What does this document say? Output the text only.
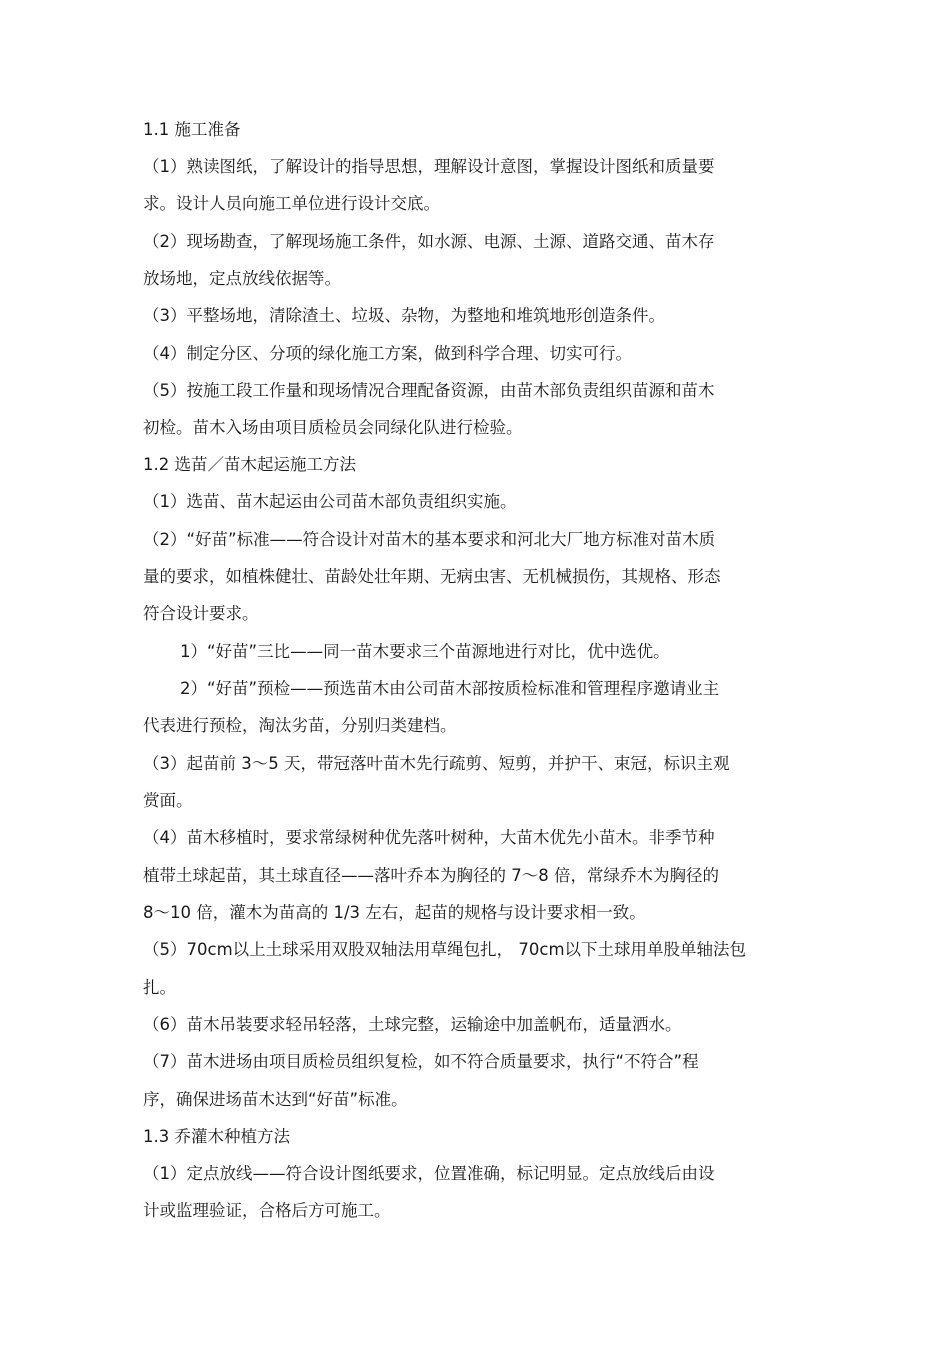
1.1 施工准备
（1）熟读图纸，了解设计的指导思想，理解设计意图，掌握设计图纸和质量要
求。设计人员向施工单位进行设计交底。
（2）现场勘查，了解现场施工条件，如水源、电源、土源、道路交通、苗木存
放场地，定点放线依据等。
（3）平整场地，清除渣土、垃圾、杂物，为整地和堆筑地形创造条件。
（4）制定分区、分项的绿化施工方案，做到科学合理、切实可行。
（5）按施工段工作量和现场情况合理配备资源，由苗木部负责组织苗源和苗木
初检。苗木入场由项目质检员会同绿化队进行检验。
1.2 选苗／苗木起运施工方法
（1）选苗、苗木起运由公司苗木部负责组织实施。
（2）“好苗”标准——符合设计对苗木的基本要求和河北大厂地方标准对苗木质
量的要求，如植株健壮、苗龄处壮年期、无病虫害、无机械损伤，其规格、形态
符合设计要求。
1）“好苗”三比——同一苗木要求三个苗源地进行对比，优中选优。
2）“好苗”预检——预选苗木由公司苗木部按质检标准和管理程序邀请业主
代表进行预检，淘汰劣苗，分别归类建档。
（3）起苗前 3～5 天，带冠落叶苗木先行疏剪、短剪，并护干、束冠，标识主观
赏面。
（4）苗木移植时，要求常绿树种优先落叶树种，大苗木优先小苗木。非季节种
植带土球起苗，其土球直径——落叶乔本为胸径的 7～8 倍，常绿乔木为胸径的
8～10 倍，灌木为苗高的 1/3 左右，起苗的规格与设计要求相一致。
（5）70cm以上土球采用双股双轴法用草绳包扎， 70cm以下土球用单股单轴法包
扎。
（6）苗木吊装要求轻吊轻落，土球完整，运输途中加盖帆布，适量洒水。
（7）苗木进场由项目质检员组织复检，如不符合质量要求，执行“不符合”程
序，确保进场苗木达到“好苗”标准。
1.3 乔灌木种植方法
（1）定点放线——符合设计图纸要求，位置准确，标记明显。定点放线后由设
计或监理验证，合格后方可施工。
